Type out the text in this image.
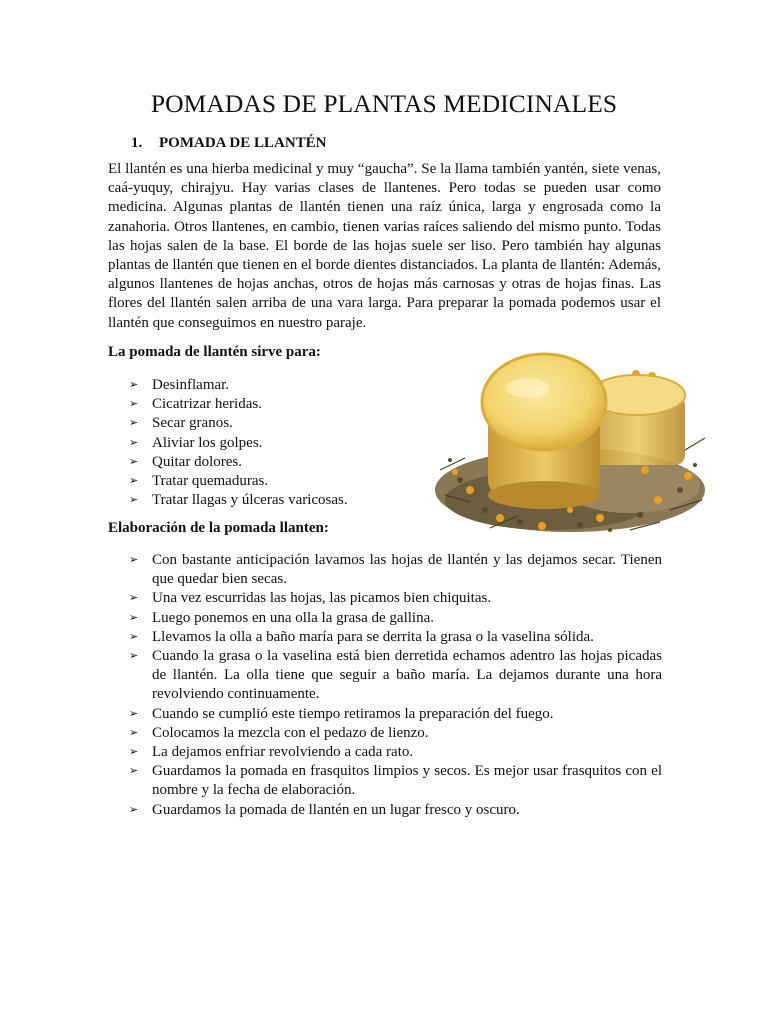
POMADAS DE PLANTAS MEDICINALES

1. POMADA DE LLANTÉN

El llantén es una hierba medicinal y muy “gaucha”. Se la llama también yantén, siete venas, caá-yuquy, chirajyu. Hay varias clases de llantenes. Pero todas se pueden usar como medicina. Algunas plantas de llantén tienen una raíz única, larga y engrosada como la zanahoria. Otros llantenes, en cambio, tienen varias raíces saliendo del mismo punto. Todas las hojas salen de la base. El borde de las hojas suele ser liso. Pero también hay algunas plantas de llantén que tienen en el borde dientes distanciados. La planta de llantén: Además, algunos llantenes de hojas anchas, otros de hojas más carnosas y otras de hojas finas. Las flores del llantén salen arriba de una vara larga. Para preparar la pomada podemos usar el llantén que conseguimos en nuestro paraje.

La pomada de llantén sirve para:

➢ Desinflamar.
➢ Cicatrizar heridas.
➢ Secar granos.
➢ Aliviar los golpes.
➢ Quitar dolores.
➢ Tratar quemaduras.
➢ Tratar llagas y úlceras varicosas.

Elaboración de la pomada llanten:

➢ Con bastante anticipación lavamos las hojas de llantén y las dejamos secar. Tienen que quedar bien secas.
➢ Una vez escurridas las hojas, las picamos bien chiquitas.
➢ Luego ponemos en una olla la grasa de gallina.
➢ Llevamos la olla a baño maría para se derrita la grasa o la vaselina sólida.
➢ Cuando la grasa o la vaselina está bien derretida echamos adentro las hojas picadas de llantén. La olla tiene que seguir a baño maría. La dejamos durante una hora revolviendo continuamente.
➢ Cuando se cumplió este tiempo retiramos la preparación del fuego.
➢ Colocamos la mezcla con el pedazo de lienzo.
➢ La dejamos enfriar revolviendo a cada rato.
➢ Guardamos la pomada en frasquitos limpios y secos. Es mejor usar frasquitos con el nombre y la fecha de elaboración.
➢ Guardamos la pomada de llantén en un lugar fresco y oscuro.
